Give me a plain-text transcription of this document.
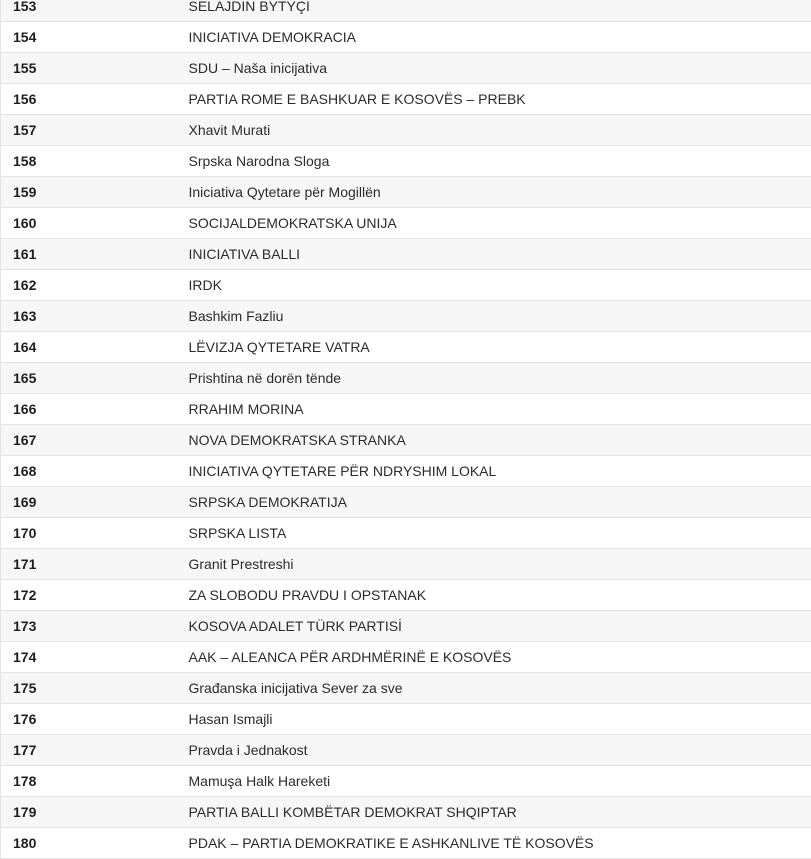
153	SELAJDIN BYTYÇI
154	INICIATIVA DEMOKRACIA
155	SDU – Naša inicijativa
156	PARTIA ROME E BASHKUAR E KOSOVËS – PREBK
157	Xhavit Murati
158	Srpska Narodna Sloga
159	Iniciativa Qytetare për Mogillën
160	SOCIJALDEMOKRATSKA UNIJA
161	INICIATIVA BALLI
162	IRDK
163	Bashkim Fazliu
164	LËVIZJA QYTETARE VATRA
165	Prishtina në dorën tënde
166	RRAHIM MORINA
167	NOVA DEMOKRATSKA STRANKA
168	INICIATIVA QYTETARE PËR NDRYSHIM LOKAL
169	SRPSKA DEMOKRATIJA
170	SRPSKA LISTA
171	Granit Prestreshi
172	ZA SLOBODU PRAVDU I OPSTANAK
173	KOSOVA ADALET TÜRK PARTISİ
174	AAK – ALEANCA PËR ARDHMËRINË E KOSOVËS
175	Građanska inicijativa Sever za sve
176	Hasan Ismajli
177	Pravda i Jednakost
178	Mamuşa Halk Hareketi
179	PARTIA BALLI KOMBËTAR DEMOKRAT SHQIPTAR
180	PDAK – PARTIA DEMOKRATIKE E ASHKANLIVE TË KOSOVËS
